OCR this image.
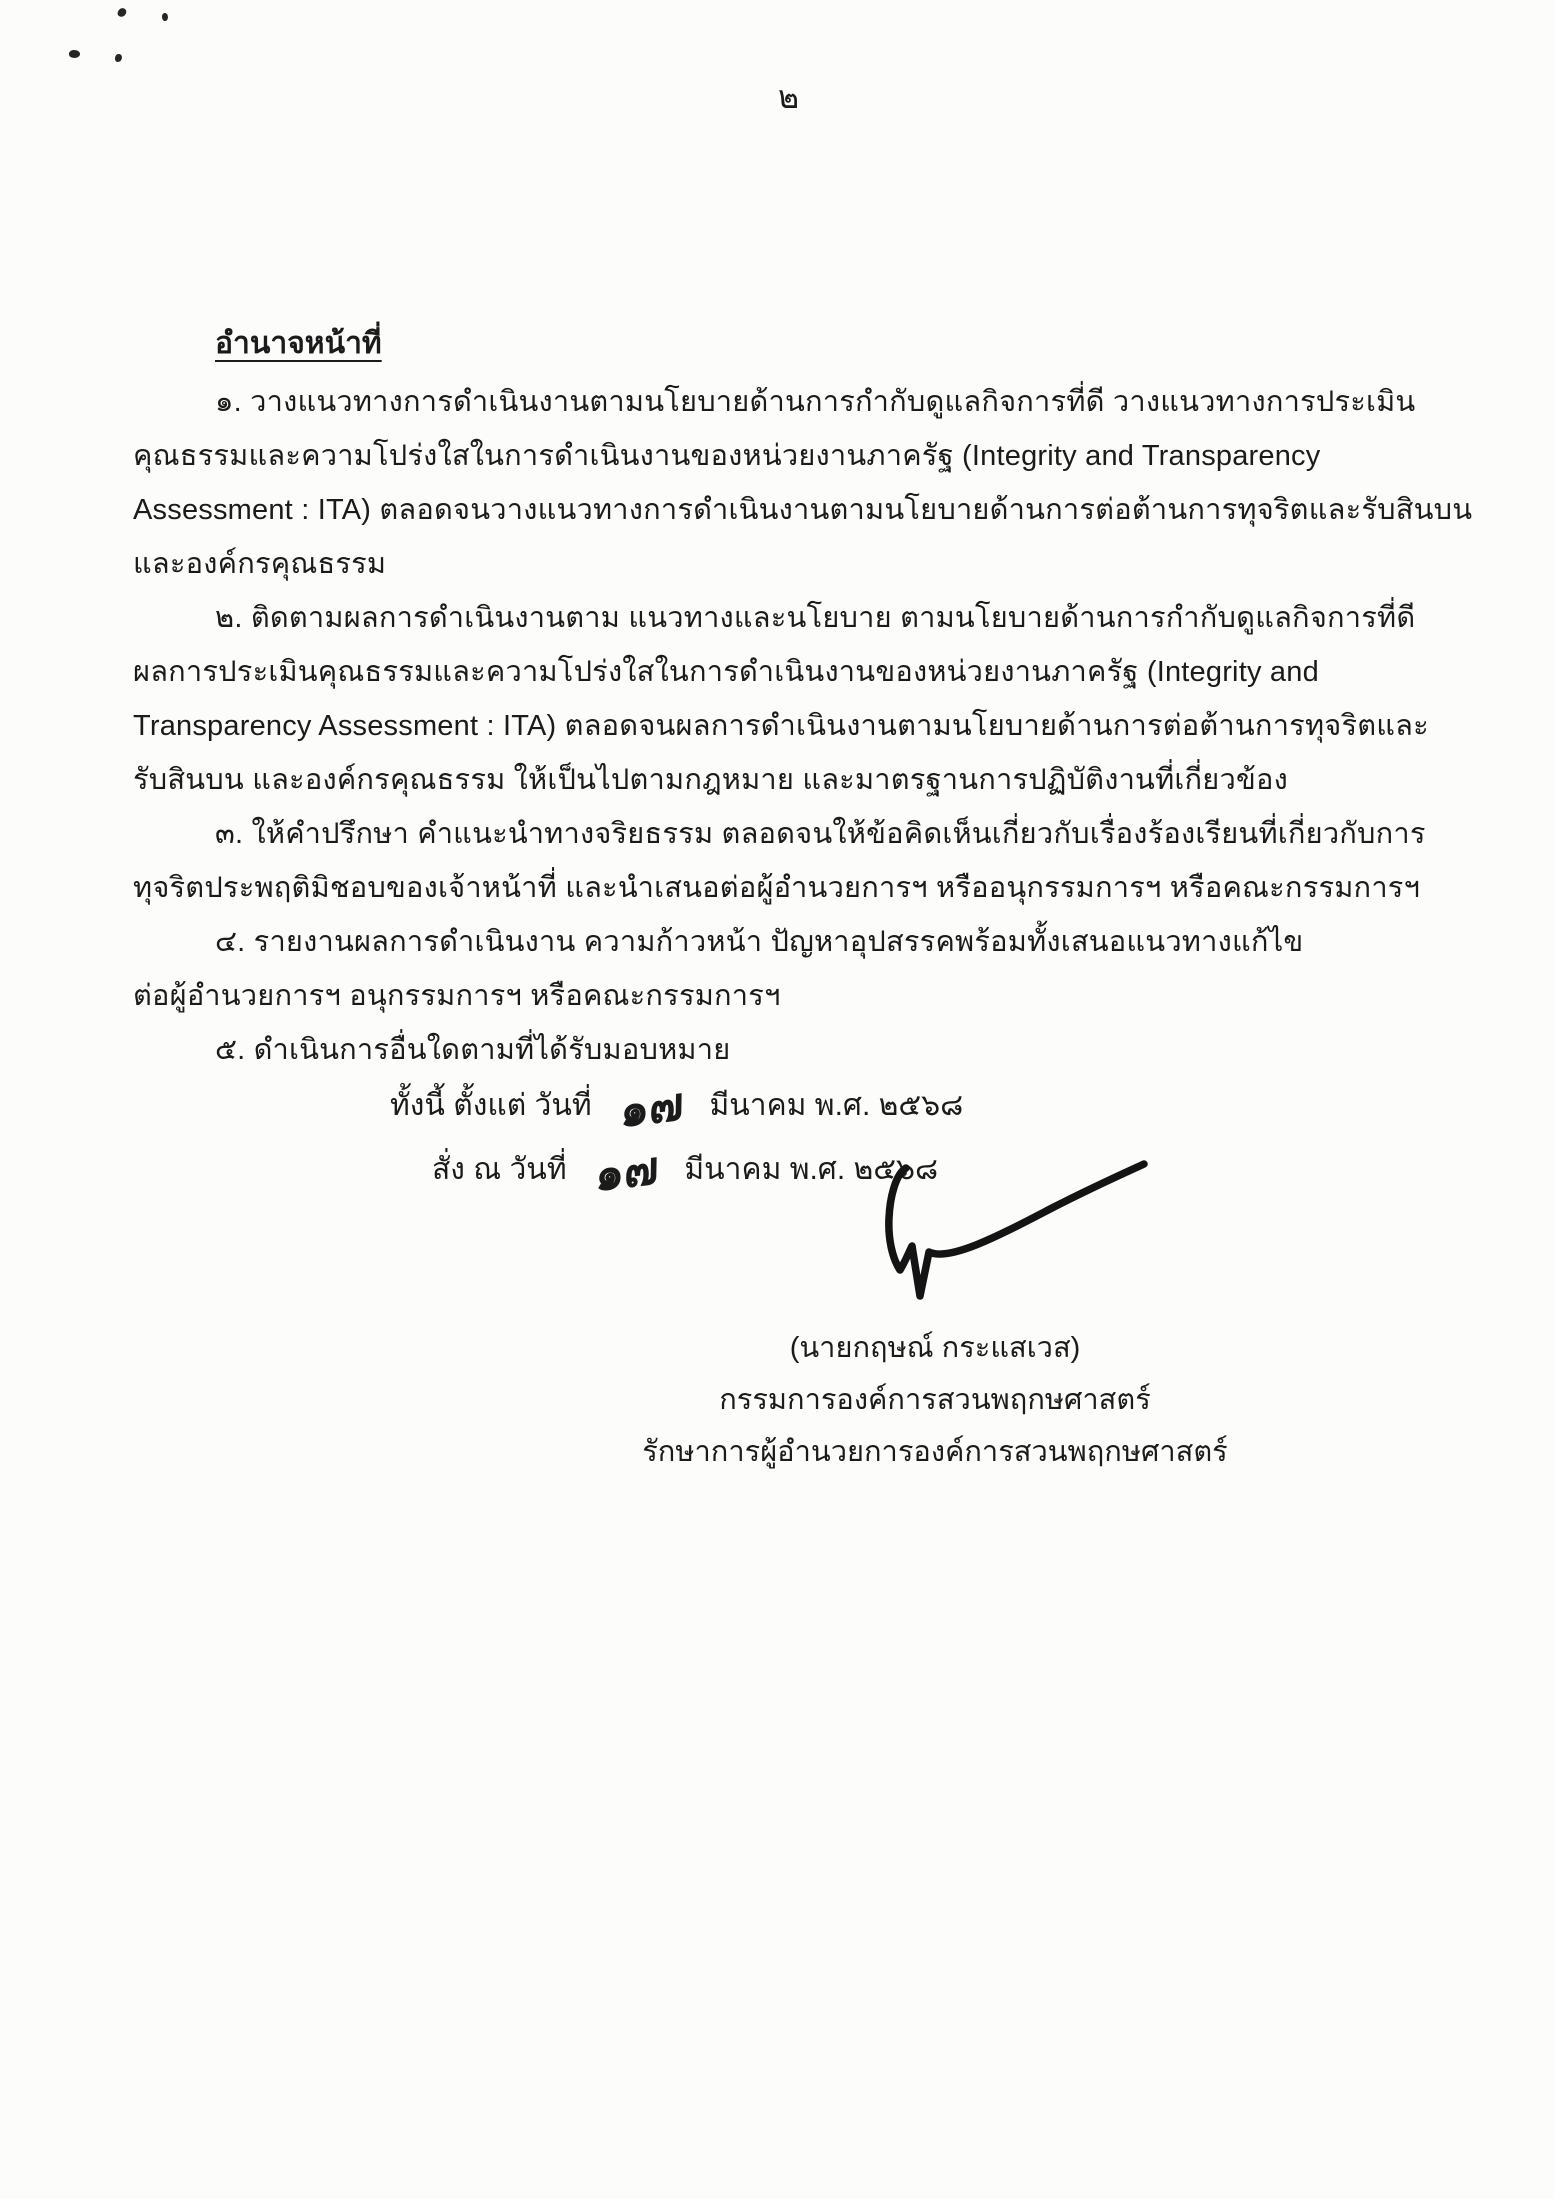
๒
อำนาจหน้าที่
๑. วางแนวทางการดำเนินงานตามนโยบายด้านการกำกับดูแลกิจการที่ดี วางแนวทางการประเมิน
คุณธรรมและความโปร่งใสในการดำเนินงานของหน่วยงานภาครัฐ (Integrity and Transparency
Assessment : ITA) ตลอดจนวางแนวทางการดำเนินงานตามนโยบายด้านการต่อต้านการทุจริตและรับสินบน
และองค์กรคุณธรรม
๒. ติดตามผลการดำเนินงานตาม แนวทางและนโยบาย ตามนโยบายด้านการกำกับดูแลกิจการที่ดี
ผลการประเมินคุณธรรมและความโปร่งใสในการดำเนินงานของหน่วยงานภาครัฐ (Integrity and
Transparency Assessment : ITA) ตลอดจนผลการดำเนินงานตามนโยบายด้านการต่อต้านการทุจริตและ
รับสินบน และองค์กรคุณธรรม ให้เป็นไปตามกฎหมาย และมาตรฐานการปฏิบัติงานที่เกี่ยวข้อง
๓. ให้คำปรึกษา คำแนะนำทางจริยธรรม ตลอดจนให้ข้อคิดเห็นเกี่ยวกับเรื่องร้องเรียนที่เกี่ยวกับการ
ทุจริตประพฤติมิชอบของเจ้าหน้าที่ และนำเสนอต่อผู้อำนวยการฯ หรืออนุกรรมการฯ หรือคณะกรรมการฯ
๔. รายงานผลการดำเนินงาน ความก้าวหน้า ปัญหาอุปสรรคพร้อมทั้งเสนอแนวทางแก้ไข
ต่อผู้อำนวยการฯ อนุกรรมการฯ หรือคณะกรรมการฯ
๕. ดำเนินการอื่นใดตามที่ได้รับมอบหมาย
ทั้งนี้ ตั้งแต่ วันที่ ๑๗ มีนาคม พ.ศ. ๒๕๖๘
สั่ง ณ วันที่ ๑๗ มีนาคม พ.ศ. ๒๕๖๘
(นายกฤษณ์ กระแสเวส)
กรรมการองค์การสวนพฤกษศาสตร์
รักษาการผู้อำนวยการองค์การสวนพฤกษศาสตร์
